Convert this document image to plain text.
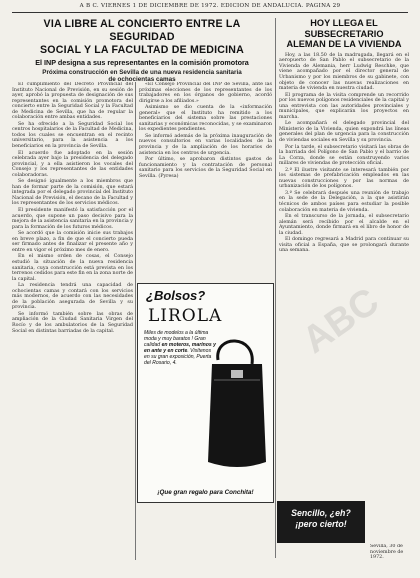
A B C. VIERNES 1 DE DICIEMBRE DE 1972. EDICION DE ANDALUCIA. PAGINA 29
VIA LIBRE AL CONCIERTO ENTRE LA SEGURIDAD
SOCIAL Y LA FACULTAD DE MEDICINA
El INP designa a sus representantes en la comisión promotora
Próxima construcción en Sevilla de una nueva residencia sanitaria
de ochocientas camas

El cumplimiento del Decreto Provincial del Instituto Nacional de Previsión, en su sesión de ayer, aprobó la propuesta de designación de sus representantes en la comisión promotora del concierto entre la Seguridad Social y la Facultad de Medicina de Sevilla, que ha de regular la colaboración entre ambas entidades.

Se ha ofrecido a la Seguridad Social los centros hospitalarios de la Facultad de Medicina, todos los cuales se encuentran en el recinto universitario, para la asistencia a los beneficiarios en la provincia de Sevilla.

El acuerdo fue adoptado en la sesión celebrada ayer bajo la presidencia del delegado provincial, y a ella asistieron los vocales del Consejo y los representantes de las entidades colaboradoras.

Se designó igualmente a los miembros que han de formar parte de la comisión, que estará integrada por el delegado provincial del Instituto Nacional de Previsión, el decano de la Facultad y los representantes de los servicios médicos.

El presidente manifestó la satisfacción por el acuerdo, que supone un paso decisivo para la mejora de la asistencia sanitaria en la provincia y para la formación de los futuros médicos.

Se acordó que la comisión inicie sus trabajos en breve plazo, a fin de que el concierto pueda ser firmado antes de finalizar el presente año y entre en vigor el próximo mes de enero.

En el mismo orden de cosas, el Consejo estudió la situación de la nueva residencia sanitaria, cuya construcción está prevista en los terrenos cedidos para este fin en la zona norte de la capital.

La residencia tendrá una capacidad de ochocientas camas y contará con los servicios más modernos, de acuerdo con las necesidades de la población asegurada de Sevilla y su provincia.

Se informó también sobre las obras de ampliación de la Ciudad Sanitaria Virgen del Rocío y de los ambulatorios de la Seguridad Social en distintas barriadas de la capital.

«El Consejo Provincial del INP de Sevilla, ante las próximas elecciones de los representantes de los trabajadores en los órganos de gobierno, acordó dirigirse a los afiliados.»

Asimismo se dio cuenta de la «información general» que el Instituto ha remitido a los beneficiarios del sistema sobre las prestaciones sanitarias y económicas reconocidas, y se examinaron los expedientes pendientes.

Se informó además de la próxima inauguración de nuevos consultorios en varias localidades de la provincia y de la ampliación de los horarios de asistencia en los centros de urgencia.

Por último, se aprobaron distintos gastos de funcionamiento y la contratación de personal sanitario para los servicios de la Seguridad Social en Sevilla. (Pyresa)

¿Bolsos?
LIROLA
Miles de modelos a la última moda y muy baratos ! Gran calidad en moteros, marinos y en ante y en corte. Visítenos en su gran exposición, Puerta del Rosario, 4.
¡Que gran regalo para Conchita!
HOY LLEGA EL SUBSECRETARIO
ALEMAN DE LA VIVIENDA

Hoy, a las 18.50 de la madrugada, llegará en el aeropuerto de San Pablo el subsecretario de la Vivienda de Alemania, herr Ludwig Reschke, que viene acompañado por el director general de Urbanismo y por los miembros de su gabinete, con objeto de conocer las nuevas realizaciones en materia de vivienda en nuestra ciudad.

El programa de la visita comprende un recorrido por los nuevos polígonos residenciales de la capital y una entrevista con las autoridades provinciales y municipales, que explicarán los proyectos en marcha.

Le acompañará el delegado provincial del Ministerio de la Vivienda, quien expondrá las líneas generales del plan de urgencia para la construcción de viviendas sociales en Sevilla y su provincia.

Por la tarde, el subsecretario visitará las obras de la barriada del Polígono de San Pablo y el barrio de La Corza, donde se están construyendo varios millares de viviendas de protección oficial.

2.º El ilustre visitante se interesará también por los sistemas de prefabricación empleados en las nuevas construcciones y por las normas de urbanización de los polígonos.

3.º Se celebrará después una reunión de trabajo en la sede de la Delegación, a la que asistirán técnicos de ambos países para estudiar la posible colaboración en materia de vivienda.

En el transcurso de la jornada, el subsecretario alemán será recibido por el alcalde en el Ayuntamiento, donde firmará en el libro de honor de la ciudad.

El domingo regresará a Madrid para continuar su visita oficial a España, que se prolongará durante una semana.

Sencillo, ¿eh?
¡pero cierto!
Sevilla, 30 de noviembre de 1972.
ABC
